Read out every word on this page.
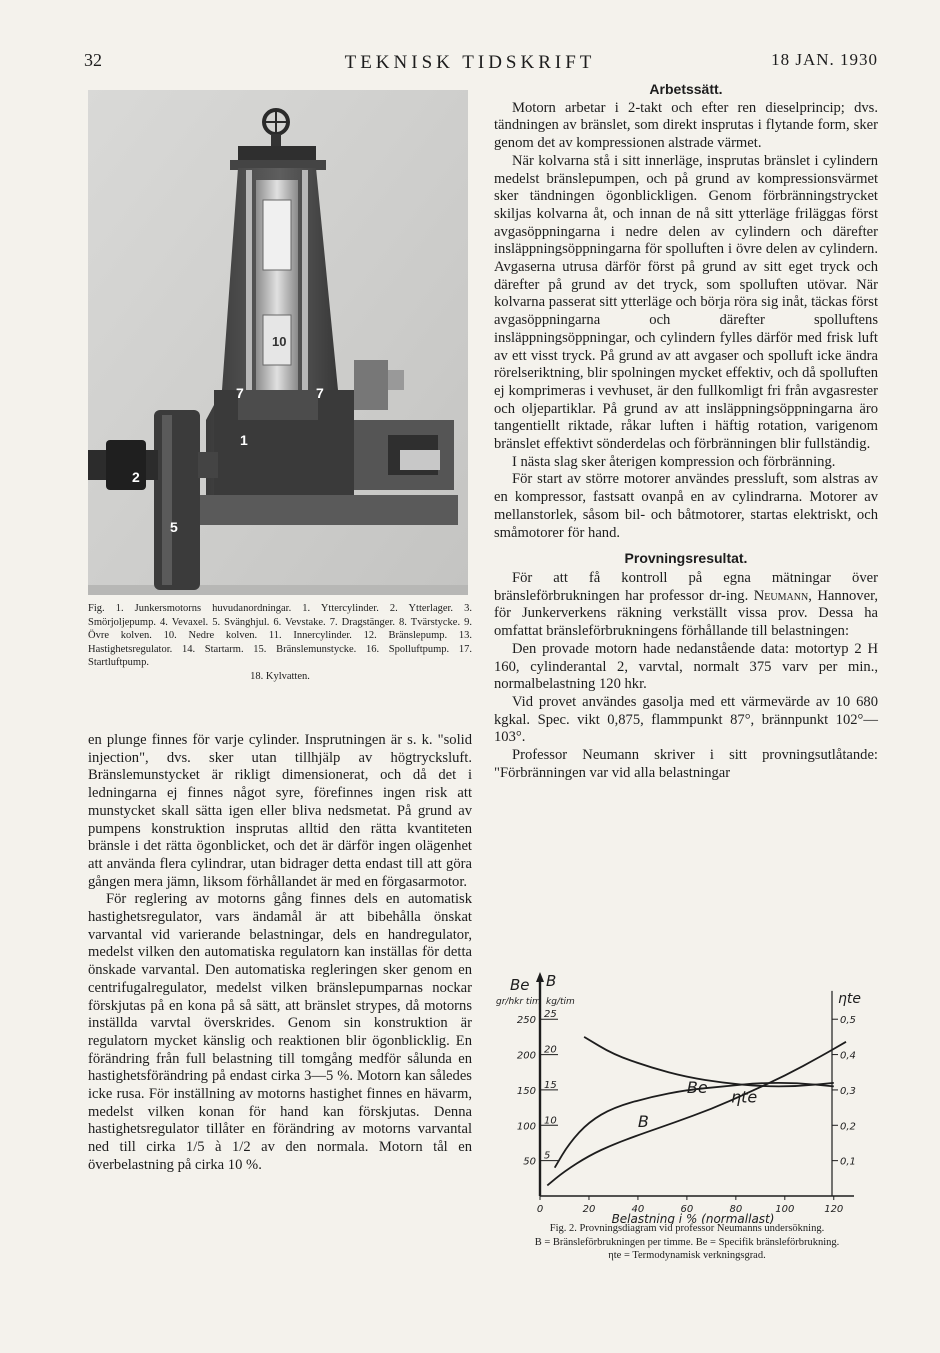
32	TEKNISK TIDSKRIFT	18 JAN. 1930
2
5
1
7	7
10
Fig. 1. Junkersmotorns huvudanordningar. 1. Yttercylinder. 2. Ytterlager. 3. Smörjoljepump. 4. Vevaxel. 5. Svänghjul. 6. Vevstake. 7. Dragstänger. 8. Tvärstycke. 9. Övre kolven. 10. Nedre kolven. 11. Innercylinder. 12. Bränslepump. 13. Hastighetsregulator. 14. Startarm. 15. Bränslemunstycke. 16. Spolluftpump. 17. Startluftpump.
18. Kylvatten.

en plunge finnes för varje cylinder. Insprutningen är s. k. "solid injection", dvs. sker utan tillhjälp av högtrycksluft. Bränslemunstycket är rikligt dimensionerat, och då det i ledningarna ej finnes något syre, förefinnes ingen risk att munstycket skall sätta igen eller bliva nedsmetat. På grund av pumpens konstruktion insprutas alltid den rätta kvantiteten bränsle i det rätta ögonblicket, och det är därför ingen olägenhet att använda flera cylindrar, utan bidrager detta endast till att göra gången mera jämn, liksom förhållandet är med en förgasarmotor.

För reglering av motorns gång finnes dels en automatisk hastighetsregulator, vars ändamål är att bibehålla önskat varvantal vid varierande belastningar, dels en handregulator, medelst vilken den automatiska regulatorn kan inställas för detta önskade varvantal. Den automatiska regleringen sker genom en centrifugalregulator, medelst vilken bränslepumparnas nockar förskjutas på en kona på så sätt, att bränslet strypes, då motorns inställda varvtal överskrides. Genom sin konstruktion är regulatorn mycket känslig och reaktionen blir ögonblicklig. En förändring från full belastning till tomgång medför sålunda en hastighetsförändring på endast cirka 3—5 %. Motorn kan således icke rusa. För inställning av motorns hastighet finnes en hävarm, medelst vilken konan för hand kan förskjutas. Denna hastighetsregulator tillåter en förändring av motorns varvantal ned till cirka 1/5 à 1/2 av den normala. Motorn tål en överbelastning på cirka 10 %.

Arbetssätt.

Motorn arbetar i 2-takt och efter ren dieselprincip; dvs. tändningen av bränslet, som direkt insprutas i flytande form, sker genom det av kompressionen alstrade värmet.

När kolvarna stå i sitt innerläge, insprutas bränslet i cylindern medelst bränslepumpen, och på grund av kompressionsvärmet sker tändningen ögonblickligen. Genom förbränningstrycket skiljas kolvarna åt, och innan de nå sitt ytterläge friläggas först avgasöppningarna i nedre delen av cylindern och därefter insläppningsöppningarna för spolluften i övre delen av cylindern. Avgaserna utrusa därför först på grund av sitt eget tryck och därefter på grund av det tryck, som spolluften utövar. När kolvarna passerat sitt ytterläge och börja röra sig inåt, täckas först avgasöppningarna och därefter spolluftens insläppningsöppningar, och cylindern fylles därför med frisk luft av ett visst tryck. På grund av att avgaser och spolluft icke ändra rörelseriktning, blir spolningen mycket effektiv, och då spolluften ej komprimeras i vevhuset, är den fullkomligt fri från avgasrester och oljepartiklar. På grund av att insläppningsöppningarna äro tangentiellt riktade, råkar luften i häftig rotation, varigenom bränslet effektivt sönderdelas och förbränningen blir fullständig.

I nästa slag sker återigen kompression och förbränning.

För start av större motorer användes pressluft, som alstras av en kompressor, fastsatt ovanpå en av cylindrarna. Motorer av mellanstorlek, såsom bil- och båtmotorer, startas elektriskt, och småmotorer för hand.

Provningsresultat.

För att få kontroll på egna mätningar över bränsleförbrukningen har professor dr-ing. Neumann, Hannover, för Junkerverkens räkning verkställt vissa prov. Dessa ha omfattat bränsleförbrukningens förhållande till belastningen:

Den provade motorn hade nedanstående data: motortyp 2 H 160, cylinderantal 2, varvtal, normalt 375 varv per min., normalbelastning 120 hkr.

Vid provet användes gasolja med ett värmevärde av 10 680 kgkal. Spec. vikt 0,875, flammpunkt 87°, brännpunkt 102°—103°.

Professor Neumann skriver i sitt provningsutlåtande: "Förbränningen var vid alla belastningar

Be B
gr/hkr tim kg/tim
250
200
150
100
50
25
20
15
10
5
ηte
0,5
0,4
0,3
0,2
0,1
0	20	40	60	80	100	120
Belastning i % (normallast)
Be
B
ηte
Fig. 2. Provningsdiagram vid professor Neumanns undersökning.
B = Bränsleförbrukningen per timme. Be = Specifik bränsleförbrukning.
ηte = Termodynamisk verkningsgrad.
